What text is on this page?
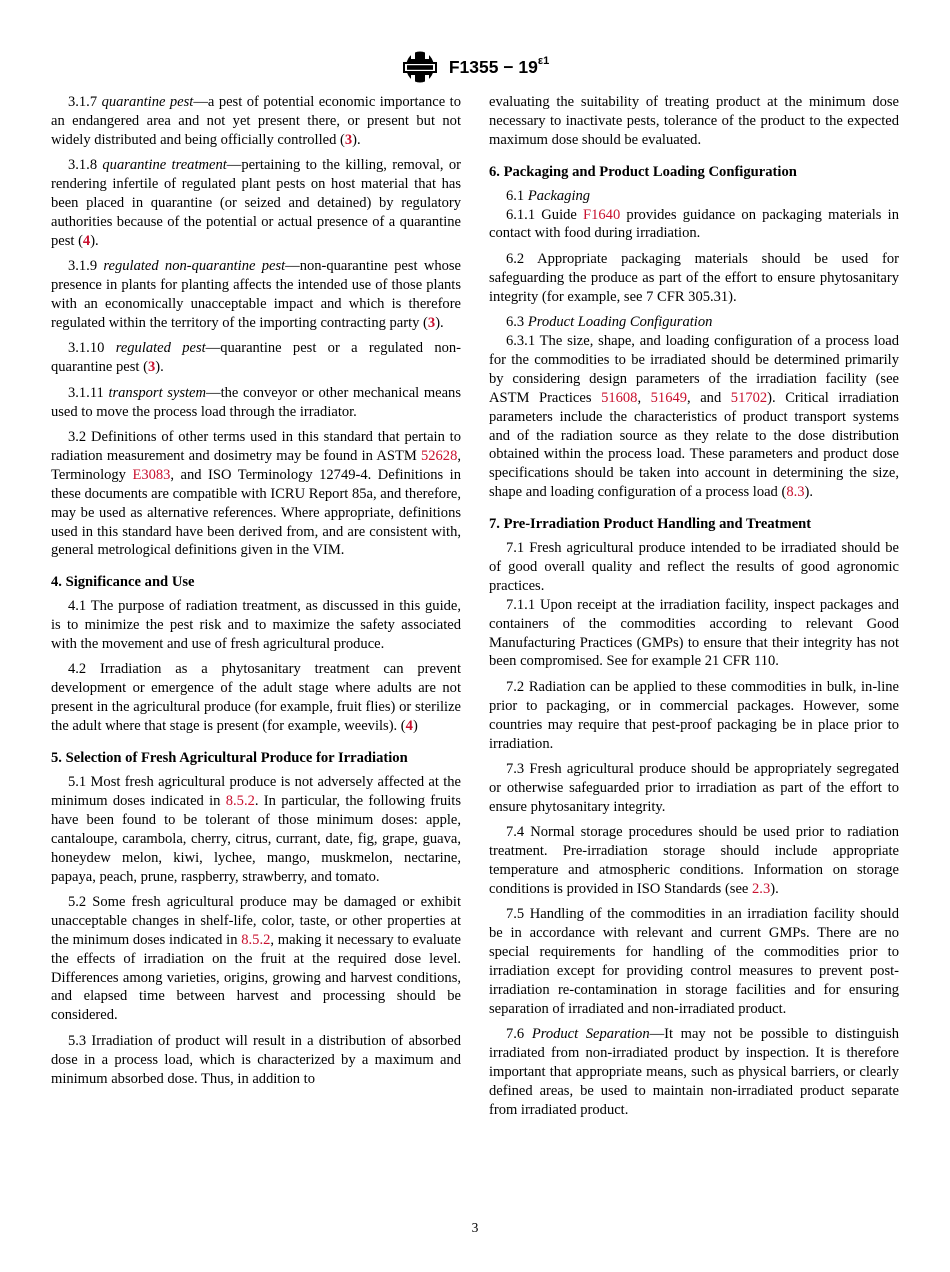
$F1355 - 19^{\varepsilon 1}$

3.1.7 quarantine pest—a pest of potential economic importance to an endangered area and not yet present there, or present but not widely distributed and being officially controlled (3).

3.1.8 quarantine treatment—pertaining to the killing, removal, or rendering infertile of regulated plant pests on host material that has been placed in quarantine (or seized and detained) by regulatory authorities because of the potential or actual presence of a quarantine pest (4).

3.1.9 regulated non-quarantine pest—non-quarantine pest whose presence in plants for planting affects the intended use of those plants with an economically unacceptable impact and which is therefore regulated within the territory of the importing contracting party (3).

3.1.10 regulated pest—quarantine pest or a regulated non-quarantine pest (3).

3.1.11 transport system—the conveyor or other mechanical means used to move the process load through the irradiator.

3.2 Definitions of other terms used in this standard that pertain to radiation measurement and dosimetry may be found in ASTM 52628, Terminology E3083, and ISO Terminology 12749-4. Definitions in these documents are compatible with ICRU Report 85a, and therefore, may be used as alternative references. Where appropriate, definitions used in this standard have been derived from, and are consistent with, general metrological definitions given in the VIM.

4. Significance and Use

4.1 The purpose of radiation treatment, as discussed in this guide, is to minimize the pest risk and to maximize the safety associated with the movement and use of fresh agricultural produce.

4.2 Irradiation as a phytosanitary treatment can prevent development or emergence of the adult stage where adults are not present in the agricultural produce (for example, fruit flies) or sterilize the adult where that stage is present (for example, weevils). (4)

5. Selection of Fresh Agricultural Produce for Irradiation

5.1 Most fresh agricultural produce is not adversely affected at the minimum doses indicated in 8.5.2. In particular, the following fruits have been found to be tolerant of those minimum doses: apple, cantaloupe, carambola, cherry, citrus, currant, date, fig, grape, guava, honeydew melon, kiwi, lychee, mango, muskmelon, nectarine, papaya, peach, prune, raspberry, strawberry, and tomato.

5.2 Some fresh agricultural produce may be damaged or exhibit unacceptable changes in shelf-life, color, taste, or other properties at the minimum doses indicated in 8.5.2, making it necessary to evaluate the effects of irradiation on the fruit at the required dose level. Differences among varieties, origins, growing and harvest conditions, and elapsed time between harvest and processing should be considered.

5.3 Irradiation of product will result in a distribution of absorbed dose in a process load, which is characterized by a maximum and minimum absorbed dose. Thus, in addition to

evaluating the suitability of treating product at the minimum dose necessary to inactivate pests, tolerance of the product to the expected maximum dose should be evaluated.

6. Packaging and Product Loading Configuration

6.1 Packaging

6.1.1 Guide F1640 provides guidance on packaging materials in contact with food during irradiation.

6.2 Appropriate packaging materials should be used for safeguarding the produce as part of the effort to ensure phytosanitary integrity (for example, see 7 CFR 305.31).

6.3 Product Loading Configuration

6.3.1 The size, shape, and loading configuration of a process load for the commodities to be irradiated should be determined primarily by considering design parameters of the irradiation facility (see ASTM Practices 51608, 51649, and 51702). Critical irradiation parameters include the characteristics of product transport systems and of the radiation source as they relate to the dose distribution obtained within the process load. These parameters and product dose specifications should be taken into account in determining the size, shape and loading configuration of a process load (8.3).

7. Pre-Irradiation Product Handling and Treatment

7.1 Fresh agricultural produce intended to be irradiated should be of good overall quality and reflect the results of good agronomic practices.

7.1.1 Upon receipt at the irradiation facility, inspect packages and containers of the commodities according to relevant Good Manufacturing Practices (GMPs) to ensure that their integrity has not been compromised. See for example 21 CFR 110.

7.2 Radiation can be applied to these commodities in bulk, in-line prior to packaging, or in commercial packages. However, some countries may require that pest-proof packaging be in place prior to irradiation.

7.3 Fresh agricultural produce should be appropriately segregated or otherwise safeguarded prior to irradiation as part of the effort to ensure phytosanitary integrity.

7.4 Normal storage procedures should be used prior to radiation treatment. Pre-irradiation storage should include appropriate temperature and atmospheric conditions. Information on storage conditions is provided in ISO Standards (see 2.3).

7.5 Handling of the commodities in an irradiation facility should be in accordance with relevant and current GMPs. There are no special requirements for handling of the commodities prior to irradiation except for providing control measures to prevent post-irradiation re-contamination in storage facilities and for ensuring separation of irradiated and non-irradiated product.

7.6 Product Separation—It may not be possible to distinguish irradiated from non-irradiated product by inspection. It is therefore important that appropriate means, such as physical barriers, or clearly defined areas, be used to maintain non-irradiated product separate from irradiated product.

3
